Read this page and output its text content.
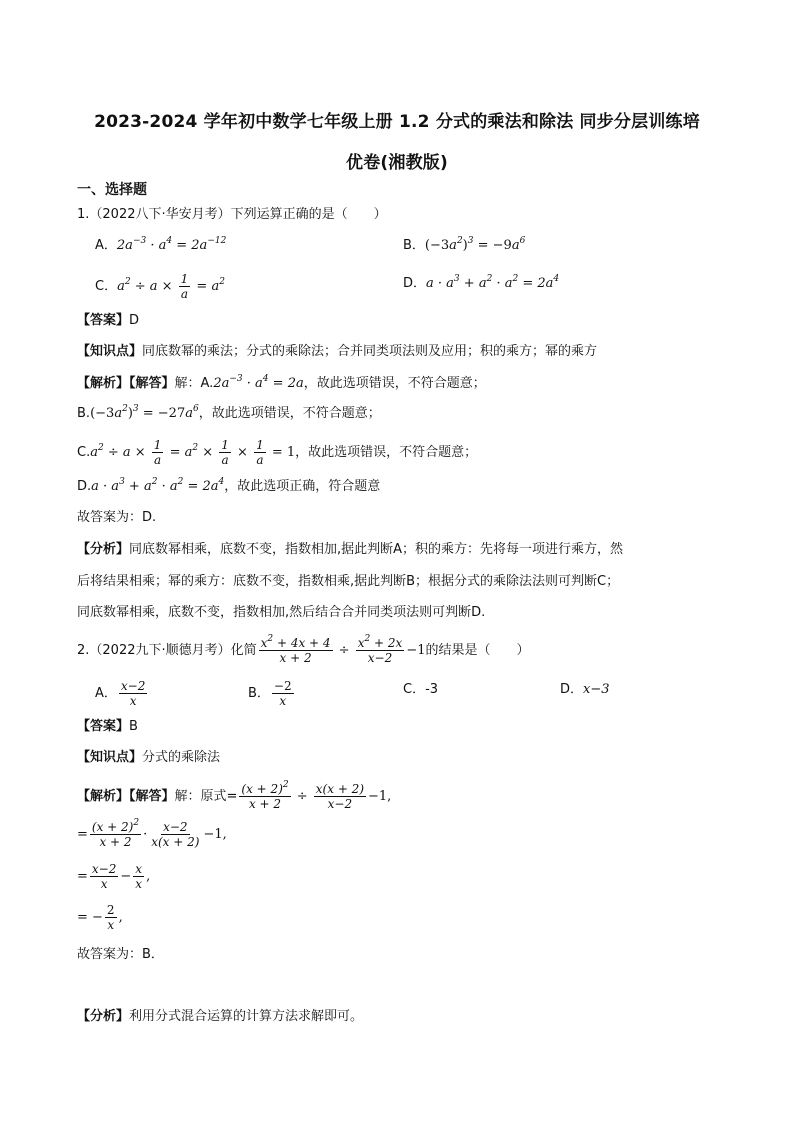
2023-2024 学年初中数学七年级上册 1.2 分式的乘法和除法 同步分层训练培
优卷(湘教版)
一、选择题
1.（2022八下·华安月考）下列运算正确的是（　　）
A．$2a^{-3} \cdot a^4 = 2a^{-12}$	B．$(-3a^2)^3 = -9a^6$
C．$a^2 \div a \times \frac{1}{a} = a^2$	D．$a \cdot a^3 + a^2 \cdot a^2 = 2a^4$
【答案】D
【知识点】同底数幂的乘法；分式的乘除法；合并同类项法则及应用；积的乘方；幂的乘方
【解析】【解答】解：$A.2a^{-3} \cdot a^4 = 2a$，故此选项错误，不符合题意；
$B.(-3a^2)^3 = -27a^6$，故此选项错误，不符合题意；
$C.a^2 \div a \times \frac{1}{a} = a^2 \times \frac{1}{a} \times \frac{1}{a} = 1$，故此选项错误，不符合题意；
$D.a \cdot a^3 + a^2 \cdot a^2 = 2a^4$，故此选项正确，符合题意
故答案为：D.
【分析】同底数幂相乘，底数不变，指数相加,据此判断A；积的乘方：先将每一项进行乘方，然
后将结果相乘；幂的乘方：底数不变，指数相乘,据此判断B；根据分式的乘除法法则可判断C；
同底数幂相乘，底数不变，指数相加,然后结合合并同类项法则可判断D.
2.（2022九下·顺德月考）化简 $\frac{x^2 + 4x + 4}{x + 2} \div \frac{x^2 + 2x}{x-2} -1$的结果是（　　）
A． $\frac{x-2}{x}$	B． $\frac{-2}{x}$	C．-3	D．x−3
【答案】B
【知识点】分式的乘除法
【解析】【解答】解：原式= $\frac{(x + 2)^2}{x + 2} \div \frac{x(x + 2)}{x-2} -1$,
= $\frac{(x + 2)^2}{x + 2} \cdot \frac{x-2}{x(x + 2)} -1$,
= $\frac{x-2}{x} - \frac{x}{x}$ ,
= − $\frac{2}{x}$ ,
故答案为：B．
【分析】利用分式混合运算的计算方法求解即可。
